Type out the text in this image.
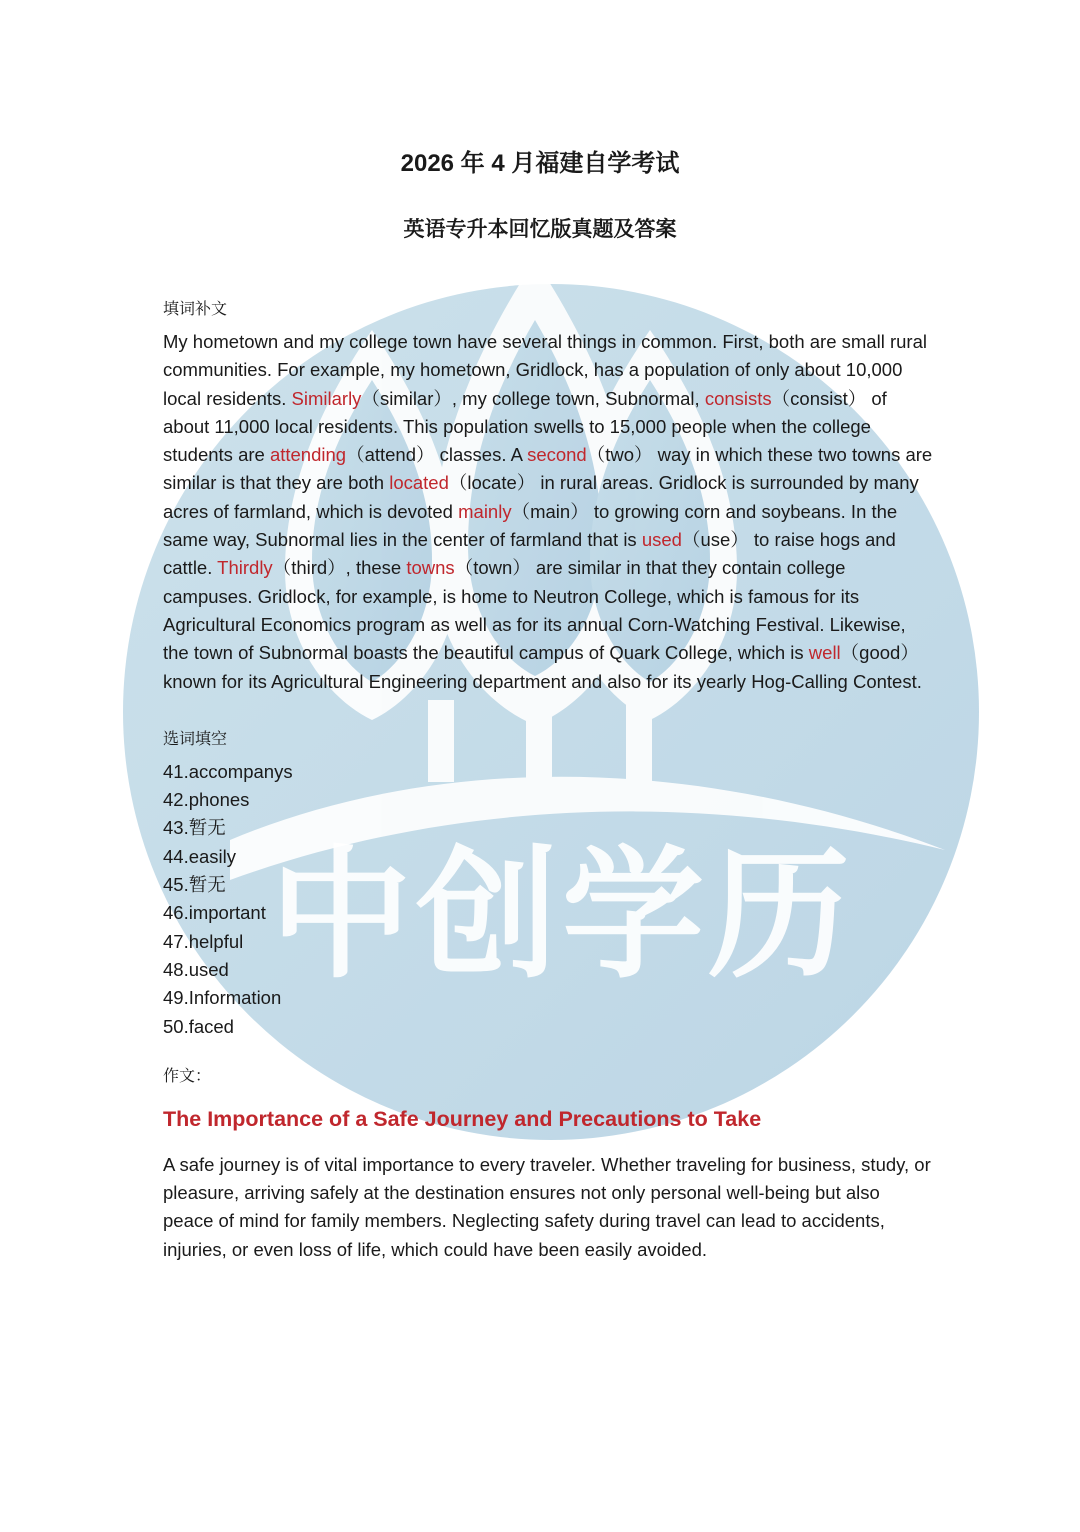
中创学历
2026 年 4 月福建自学考试
英语专升本回忆版真题及答案
填词补文

My hometown and my college town have several things in common. First, both are small rural communities. For example, my hometown, Gridlock, has a population of only about 10,000 local residents. Similarly（similar）, my college town, Subnormal, consists（consist） of about 11,000 local residents. This population swells to 15,000 people when the college students are attending（attend） classes. A second（two） way in which these two towns are similar is that they are both located（locate） in rural areas. Gridlock is surrounded by many acres of farmland, which is devoted mainly（main） to growing corn and soybeans. In the same way, Subnormal lies in the center of farmland that is used（use） to raise hogs and cattle. Thirdly（third）, these towns（town） are similar in that they contain college campuses. Gridlock, for example, is home to Neutron College, which is famous for its Agricultural Economics program as well as for its annual Corn-Watching Festival. Likewise, the town of Subnormal boasts the beautiful campus of Quark College, which is well（good） known for its Agricultural Engineering department and also for its yearly Hog-Calling Contest.

选词填空
41.accompanys
42.phones
43.暂无
44.easily
45.暂无
46.important
47.helpful
48.used
49.Information
50.faced
作文：
The Importance of a Safe Journey and Precautions to Take

A safe journey is of vital importance to every traveler. Whether traveling for business, study, or pleasure, arriving safely at the destination ensures not only personal well-being but also peace of mind for family members. Neglecting safety during travel can lead to accidents, injuries, or even loss of life, which could have been easily avoided.
